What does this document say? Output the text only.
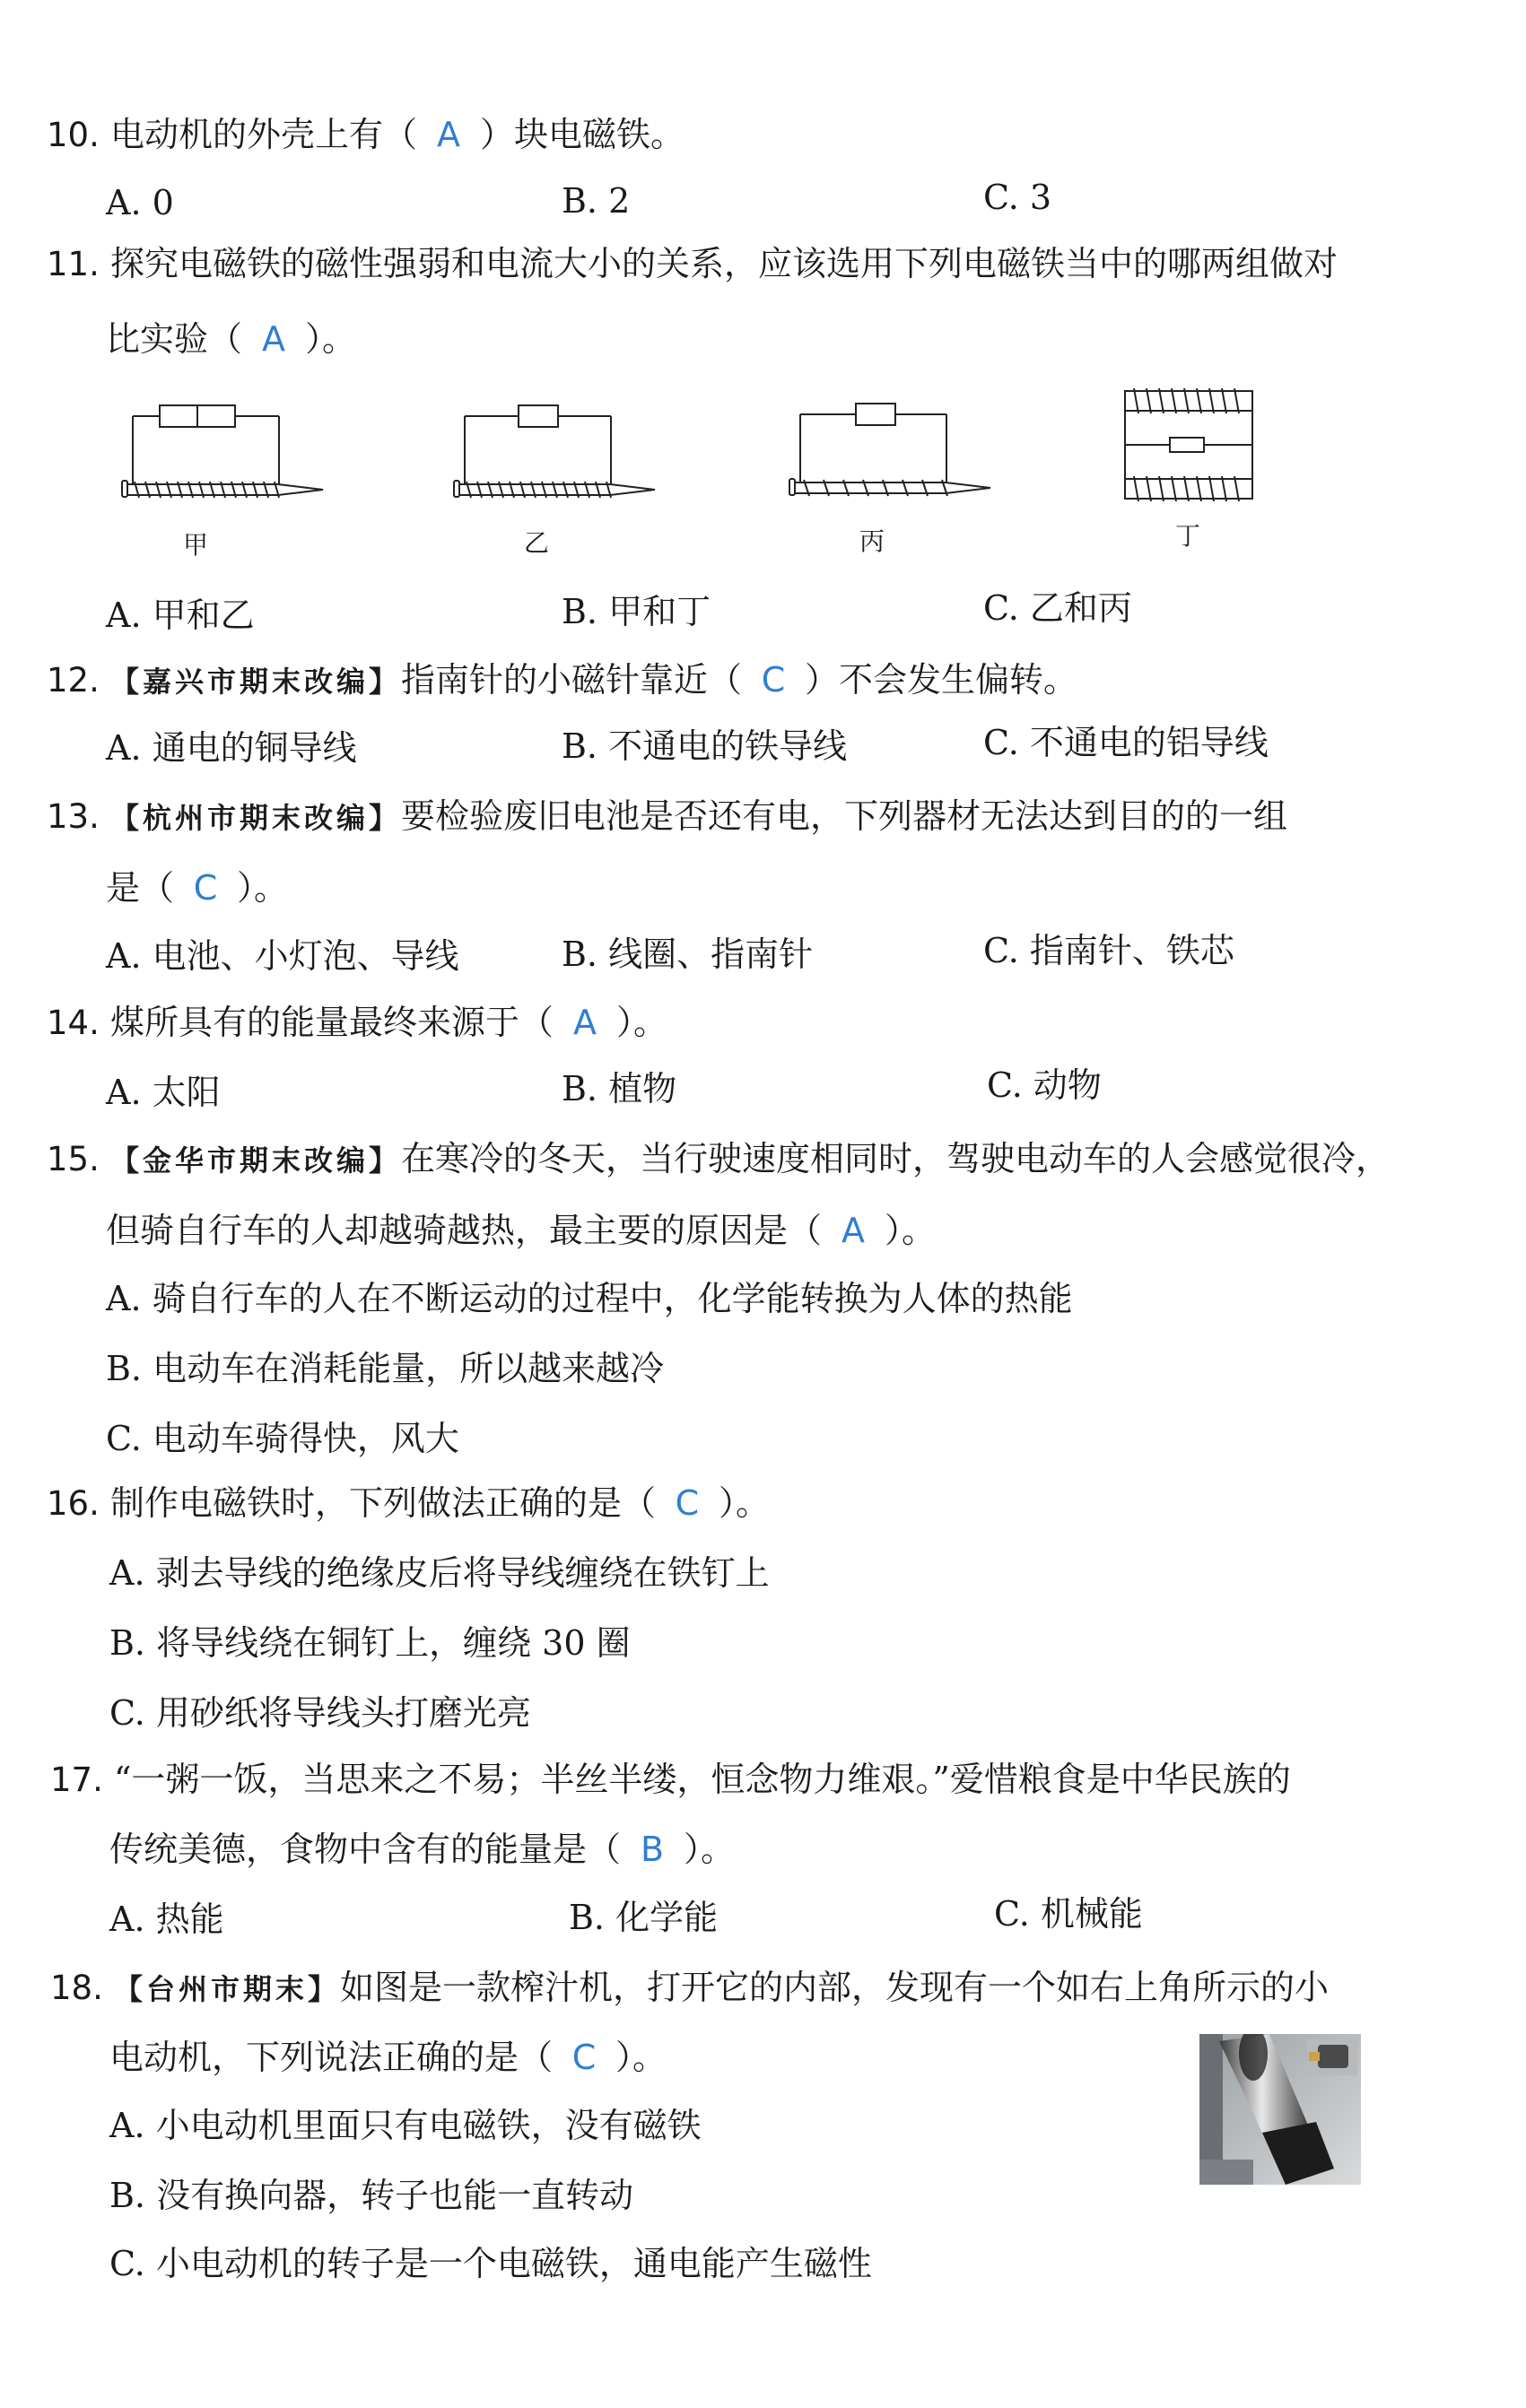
10. 电动机的外壳上有（ A ）块电磁铁。
A. 0	B. 2	C. 3
11. 探究电磁铁的磁性强弱和电流大小的关系，应该选用下列电磁铁当中的哪两组做对
比实验（ A ）。
甲	乙	丙	丁
A. 甲和乙	B. 甲和丁	C. 乙和丙
12. 【嘉兴市期末改编】指南针的小磁针靠近（ C ）不会发生偏转。
A. 通电的铜导线	B. 不通电的铁导线	C. 不通电的铝导线
13. 【杭州市期末改编】要检验废旧电池是否还有电，下列器材无法达到目的的一组
是（ C ）。
A. 电池、小灯泡、导线	B. 线圈、指南针	C. 指南针、铁芯
14. 煤所具有的能量最终来源于（ A ）。
A. 太阳	B. 植物	C. 动物
15. 【金华市期末改编】在寒冷的冬天，当行驶速度相同时，驾驶电动车的人会感觉很冷，
但骑自行车的人却越骑越热，最主要的原因是（ A ）。
A. 骑自行车的人在不断运动的过程中，化学能转换为人体的热能
B. 电动车在消耗能量，所以越来越冷
C. 电动车骑得快，风大
16. 制作电磁铁时，下列做法正确的是（ C ）。
A. 剥去导线的绝缘皮后将导线缠绕在铁钉上
B. 将导线绕在铜钉上，缠绕 30 圈
C. 用砂纸将导线头打磨光亮
17. “一粥一饭，当思来之不易；半丝半缕，恒念物力维艰。”爱惜粮食是中华民族的
传统美德，食物中含有的能量是（ B ）。
A. 热能	B. 化学能	C. 机械能
18. 【台州市期末】如图是一款榨汁机，打开它的内部，发现有一个如右上角所示的小
电动机，下列说法正确的是（ C ）。
A. 小电动机里面只有电磁铁，没有磁铁
B. 没有换向器，转子也能一直转动
C. 小电动机的转子是一个电磁铁，通电能产生磁性
